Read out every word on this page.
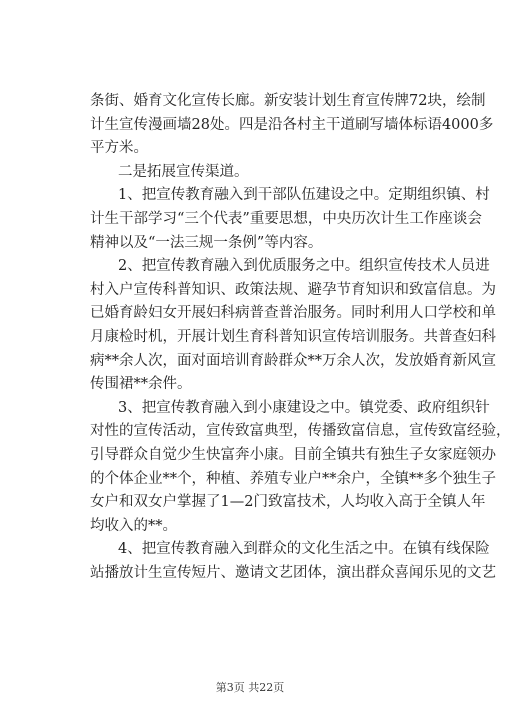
条街、婚育文化宣传长廊。新安装计划生育宣传牌72块，绘制
计生宣传漫画墙28处。四是沿各村主干道刷写墙体标语4000多
平方米。
二是拓展宣传渠道。
1、把宣传教育融入到干部队伍建设之中。定期组织镇、村
计生干部学习“三个代表”重要思想，中央历次计生工作座谈会
精神以及“一法三规一条例”等内容。
2、把宣传教育融入到优质服务之中。组织宣传技术人员进
村入户宣传科普知识、政策法规、避孕节育知识和致富信息。为
已婚育龄妇女开展妇科病普查普治服务。同时利用人口学校和单
月康检时机，开展计划生育科普知识宣传培训服务。共普查妇科
病**余人次，面对面培训育龄群众**万余人次，发放婚育新风宣
传围裙**余件。
3、把宣传教育融入到小康建设之中。镇党委、政府组织针
对性的宣传活动，宣传致富典型，传播致富信息，宣传致富经验，
引导群众自觉少生快富奔小康。目前全镇共有独生子女家庭领办
的个体企业**个，种植、养殖专业户**余户，全镇**多个独生子
女户和双女户掌握了1—2门致富技术，人均收入高于全镇人年
均收入的**。
4、把宣传教育融入到群众的文化生活之中。在镇有线保险
站播放计生宣传短片、邀请文艺团体，演出群众喜闻乐见的文艺
第3页 共22页
